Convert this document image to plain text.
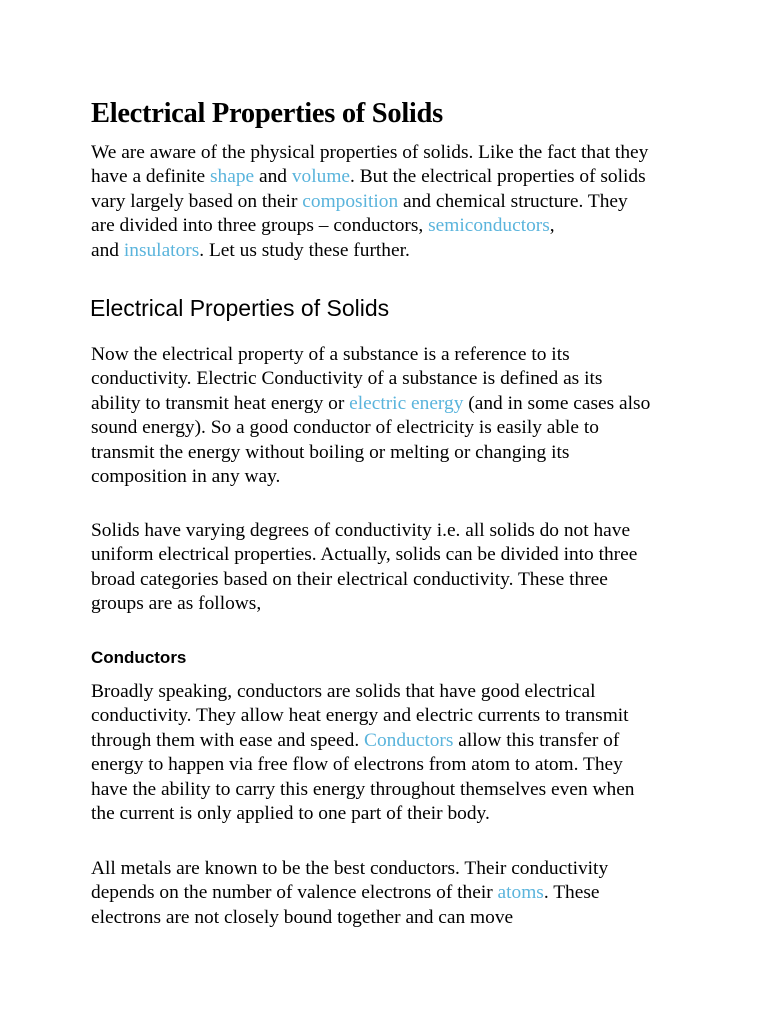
Electrical Properties of Solids

We are aware of the physical properties of solids. Like the fact that they
have a definite shape and volume. But the electrical properties of solids
vary largely based on their composition and chemical structure. They
are divided into three groups – conductors, semiconductors,
and insulators. Let us study these further.

Electrical Properties of Solids

Now the electrical property of a substance is a reference to its
conductivity. Electric Conductivity of a substance is defined as its
ability to transmit heat energy or electric energy (and in some cases also
sound energy). So a good conductor of electricity is easily able to
transmit the energy without boiling or melting or changing its
composition in any way.

Solids have varying degrees of conductivity i.e. all solids do not have
uniform electrical properties. Actually, solids can be divided into three
broad categories based on their electrical conductivity. These three
groups are as follows,

Conductors

Broadly speaking, conductors are solids that have good electrical
conductivity. They allow heat energy and electric currents to transmit
through them with ease and speed. Conductors allow this transfer of
energy to happen via free flow of electrons from atom to atom. They
have the ability to carry this energy throughout themselves even when
the current is only applied to one part of their body.

All metals are known to be the best conductors. Their conductivity
depends on the number of valence electrons of their atoms. These
electrons are not closely bound together and can move
